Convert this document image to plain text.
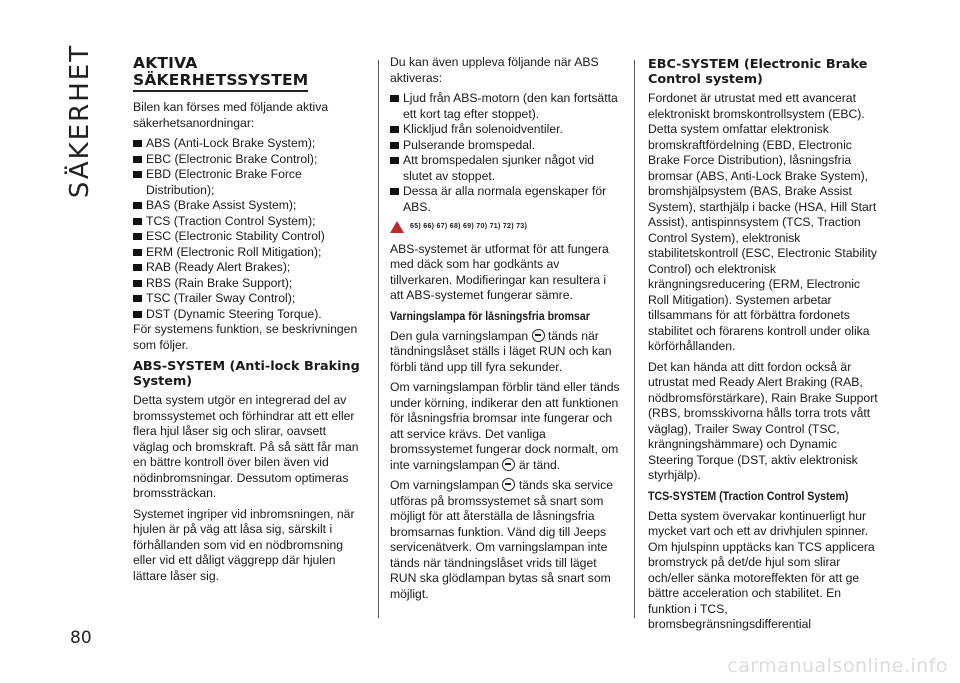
SÄKERHET AKTIVA
SÄKERHETSSYSTEM

Bilen kan förses med följande aktiva säkerhetsanordningar:

ABS (Anti-Lock Brake System);
EBC (Electronic Brake Control);
EBD (Electronic Brake Force Distribution);
BAS (Brake Assist System);
TCS (Traction Control System);
ESC (Electronic Stability Control)
ERM (Electronic Roll Mitigation);
RAB (Ready Alert Brakes);
RBS (Rain Brake Support);
TSC (Trailer Sway Control);
DST (Dynamic Steering Torque).

För systemens funktion, se beskrivningen som följer.

ABS-SYSTEM (Anti-lock Braking System)

Detta system utgör en integrerad del av bromssystemet och förhindrar att ett eller flera hjul låser sig och slirar, oavsett väglag och bromskraft. På så sätt får man en bättre kontroll över bilen även vid nödinbromsningar. Dessutom optimeras bromssträckan.

Systemet ingriper vid inbromsningen, när hjulen är på väg att låsa sig, särskilt i förhållanden som vid en nödbromsning eller vid ett dåligt väggrepp där hjulen lättare låser sig.

Du kan även uppleva följande när ABS aktiveras:

Ljud från ABS-motorn (den kan fortsätta ett kort tag efter stoppet).
Klickljud från solenoidventiler.
Pulserande bromspedal.
Att bromspedalen sjunker något vid slutet av stoppet.
Dessa är alla normala egenskaper för ABS.
65) 66) 67) 68) 69) 70) 71) 72) 73)

ABS-systemet är utformat för att fungera med däck som har godkänts av tillverkaren. Modifieringar kan resultera i att ABS-systemet fungerar sämre.

Varningslampa för låsningsfria bromsar

Den gula varningslampan tänds när tändningslåset ställs i läget RUN och kan förbli tänd upp till fyra sekunder.

Om varningslampan förblir tänd eller tänds under körning, indikerar den att funktionen för låsningsfria bromsar inte fungerar och att service krävs. Det vanliga bromssystemet fungerar dock normalt, om inte varningslampan är tänd.

Om varningslampan tänds ska service utföras på bromssystemet så snart som möjligt för att återställa de låsningsfria bromsarnas funktion. Vänd dig till Jeeps servicenätverk. Om varningslampan inte tänds när tändningslåset vrids till läget RUN ska glödlampan bytas så snart som möjligt.

EBC-SYSTEM (Electronic Brake Control system)

Fordonet är utrustat med ett avancerat elektroniskt bromskontrollsystem (EBC). Detta system omfattar elektronisk bromskraftfördelning (EBD, Electronic Brake Force Distribution), låsningsfria bromsar (ABS, Anti-Lock Brake System), bromshjälpsystem (BAS, Brake Assist System), starthjälp i backe (HSA, Hill Start Assist), antispinnsystem (TCS, Traction Control System), elektronisk stabilitetskontroll (ESC, Electronic Stability Control) och elektronisk krängningsreducering (ERM, Electronic Roll Mitigation). Systemen arbetar tillsammans för att förbättra fordonets stabilitet och förarens kontroll under olika körförhållanden.

Det kan hända att ditt fordon också är utrustat med Ready Alert Braking (RAB, nödbromsförstärkare), Rain Brake Support (RBS, bromsskivorna hålls torra trots vått väglag), Trailer Sway Control (TSC, krängningshämmare) och Dynamic Steering Torque (DST, aktiv elektronisk styrhjälp).

TCS-SYSTEM (Traction Control System)

Detta system övervakar kontinuerligt hur mycket vart och ett av drivhjulen spinner. Om hjulspinn upptäcks kan TCS applicera bromstryck på det/de hjul som slirar och/eller sänka motoreffekten för att ge bättre acceleration och stabilitet. En funktion i TCS, bromsbegränsningsdifferential

80
carmanualsonline.info
